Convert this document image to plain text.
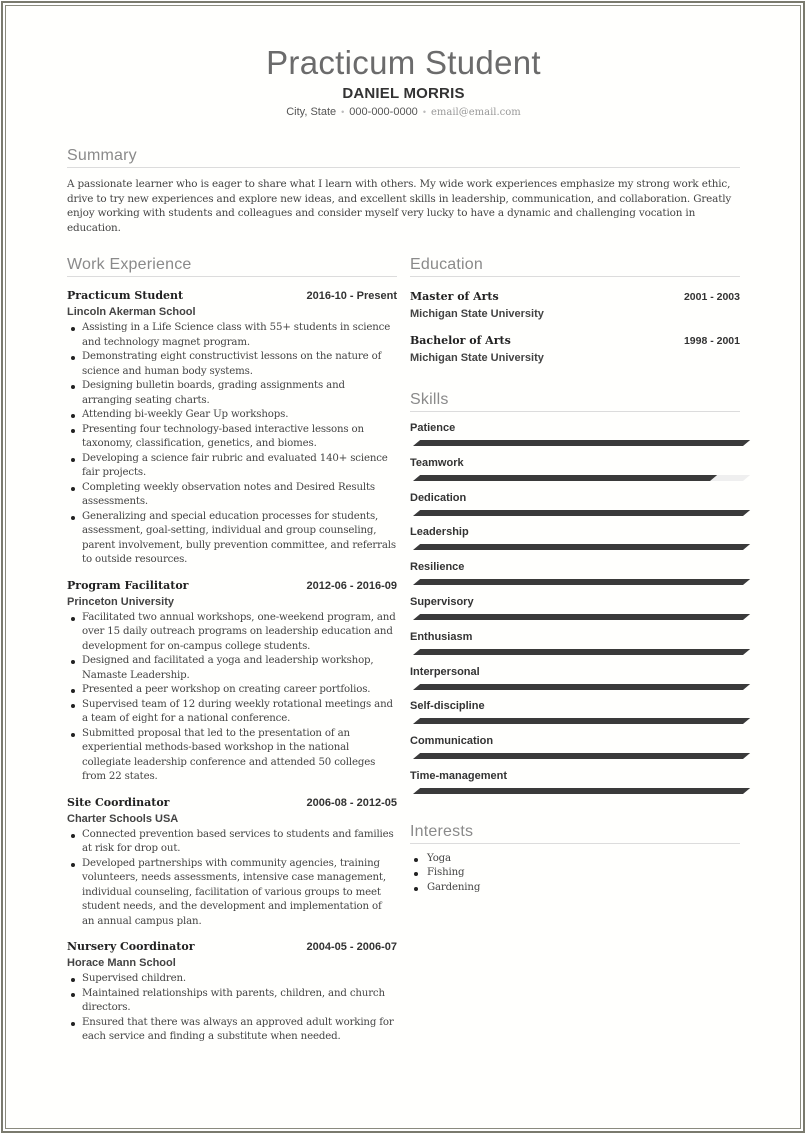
Practicum Student
DANIEL MORRIS
City, State • 000-000-0000 • email@email.com
Summary

A passionate learner who is eager to share what I learn with others. My wide work experiences emphasize my strong work ethic, drive to try new experiences and explore new ideas, and excellent skills in leadership, communication, and collaboration. Greatly enjoy working with students and colleagues and consider myself very lucky to have a dynamic and challenging vocation in education.

Work Experience
Practicum Student	2016-10 - Present
Lincoln Akerman School
Assisting in a Life Science class with 55+ students in science and technology magnet program.
Demonstrating eight constructivist lessons on the nature of science and human body systems.
Designing bulletin boards, grading assignments and arranging seating charts.
Attending bi-weekly Gear Up workshops.
Presenting four technology-based interactive lessons on taxonomy, classification, genetics, and biomes.
Developing a science fair rubric and evaluated 140+ science fair projects.
Completing weekly observation notes and Desired Results assessments.
Generalizing and special education processes for students, assessment, goal-setting, individual and group counseling, parent involvement, bully prevention committee, and referrals to outside resources.
Program Facilitator	2012-06 - 2016-09
Princeton University
Facilitated two annual workshops, one-weekend program, and over 15 daily outreach programs on leadership education and development for on-campus college students.
Designed and facilitated a yoga and leadership workshop, Namaste Leadership.
Presented a peer workshop on creating career portfolios.
Supervised team of 12 during weekly rotational meetings and a team of eight for a national conference.
Submitted proposal that led to the presentation of an experiential methods-based workshop in the national collegiate leadership conference and attended 50 colleges from 22 states.
Site Coordinator	2006-08 - 2012-05
Charter Schools USA
Connected prevention based services to students and families at risk for drop out.
Developed partnerships with community agencies, training volunteers, needs assessments, intensive case management, individual counseling, facilitation of various groups to meet student needs, and the development and implementation of an annual campus plan.
Nursery Coordinator	2004-05 - 2006-07
Horace Mann School
Supervised children.
Maintained relationships with parents, children, and church directors.
Ensured that there was always an approved adult working for each service and finding a substitute when needed.
Education
Master of Arts	2001 - 2003
Michigan State University
Bachelor of Arts	1998 - 2001
Michigan State University
Skills
Patience
Teamwork
Dedication
Leadership
Resilience
Supervisory
Enthusiasm
Interpersonal
Self-discipline
Communication
Time-management
Interests
Yoga
Fishing
Gardening
